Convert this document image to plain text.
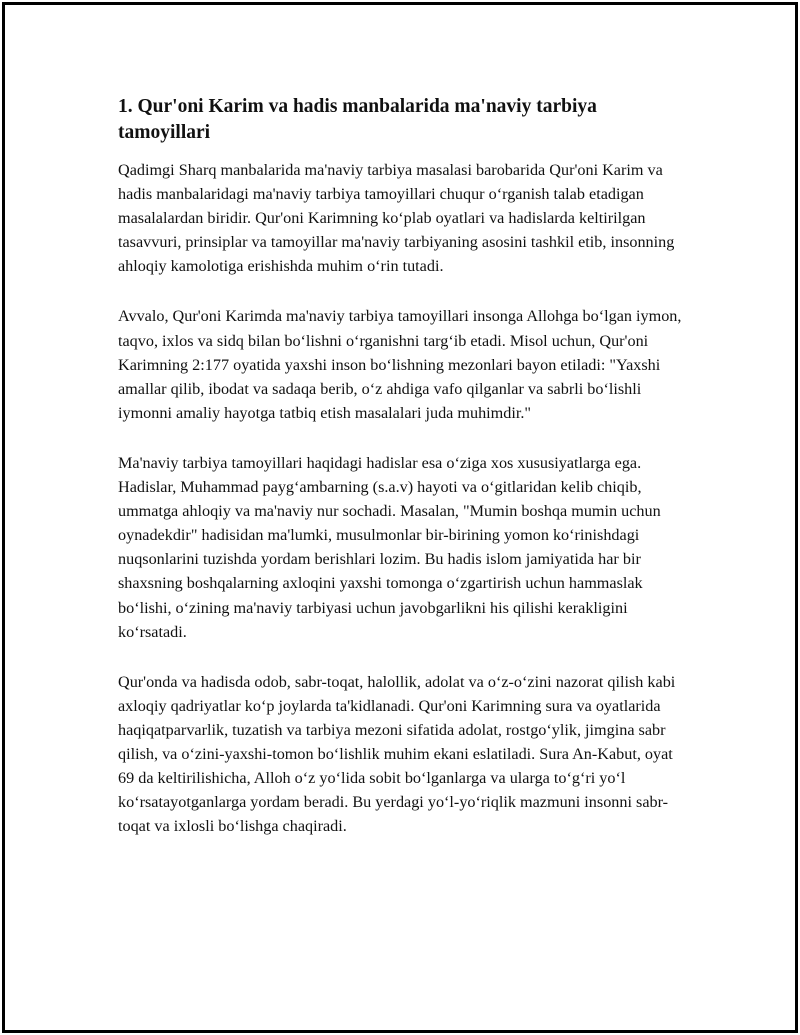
1. Qur'oni Karim va hadis manbalarida ma'naviy tarbiya tamoyillari

Qadimgi Sharq manbalarida ma'naviy tarbiya masalasi barobarida Qur'oni Karim va hadis manbalaridagi ma'naviy tarbiya tamoyillari chuqur oʻrganish talab etadigan masalalardan biridir. Qur'oni Karimning koʻplab oyatlari va hadislarda keltirilgan tasavvuri, prinsiplar va tamoyillar ma'naviy tarbiyaning asosini tashkil etib, insonning ahloqiy kamolotiga erishishda muhim oʻrin tutadi.

Avvalo, Qur'oni Karimda ma'naviy tarbiya tamoyillari insonga Allohga boʻlgan iymon, taqvo, ixlos va sidq bilan boʻlishni oʻrganishni targʻib etadi. Misol uchun, Qur'oni Karimning 2:177 oyatida yaxshi inson boʻlishning mezonlari bayon etiladi: "Yaxshi amallar qilib, ibodat va sadaqa berib, oʻz ahdiga vafo qilganlar va sabrli boʻlishli iymonni amaliy hayotga tatbiq etish masalalari juda muhimdir."

Ma'naviy tarbiya tamoyillari haqidagi hadislar esa oʻziga xos xususiyatlarga ega. Hadislar, Muhammad paygʻambarning (s.a.v) hayoti va oʻgitlaridan kelib chiqib, ummatga ahloqiy va ma'naviy nur sochadi. Masalan, "Mumin boshqa mumin uchun oynadekdir" hadisidan ma'lumki, musulmonlar bir-birining yomon koʻrinishdagi nuqsonlarini tuzishda yordam berishlari lozim. Bu hadis islom jamiyatida har bir shaxsning boshqalarning axloqini yaxshi tomonga oʻzgartirish uchun hammaslak boʻlishi, oʻzining ma'naviy tarbiyasi uchun javobgarlikni his qilishi kerakligini koʻrsatadi.

Qur'onda va hadisda odob, sabr-toqat, halollik, adolat va oʻz-oʻzini nazorat qilish kabi axloqiy qadriyatlar koʻp joylarda ta'kidlanadi. Qur'oni Karimning sura va oyatlarida haqiqatparvarlik, tuzatish va tarbiya mezoni sifatida adolat, rostgoʻylik, jimgina sabr qilish, va oʻzini-yaxshi-tomon boʻlishlik muhim ekani eslatiladi. Sura An-Kabut, oyat 69 da keltirilishicha, Alloh oʻz yoʻlida sobit boʻlganlarga va ularga toʻgʻri yoʻl koʻrsatayotganlarga yordam beradi. Bu yerdagi yoʻl-yoʻriqlik mazmuni insonni sabr-toqat va ixlosli boʻlishga chaqiradi.
